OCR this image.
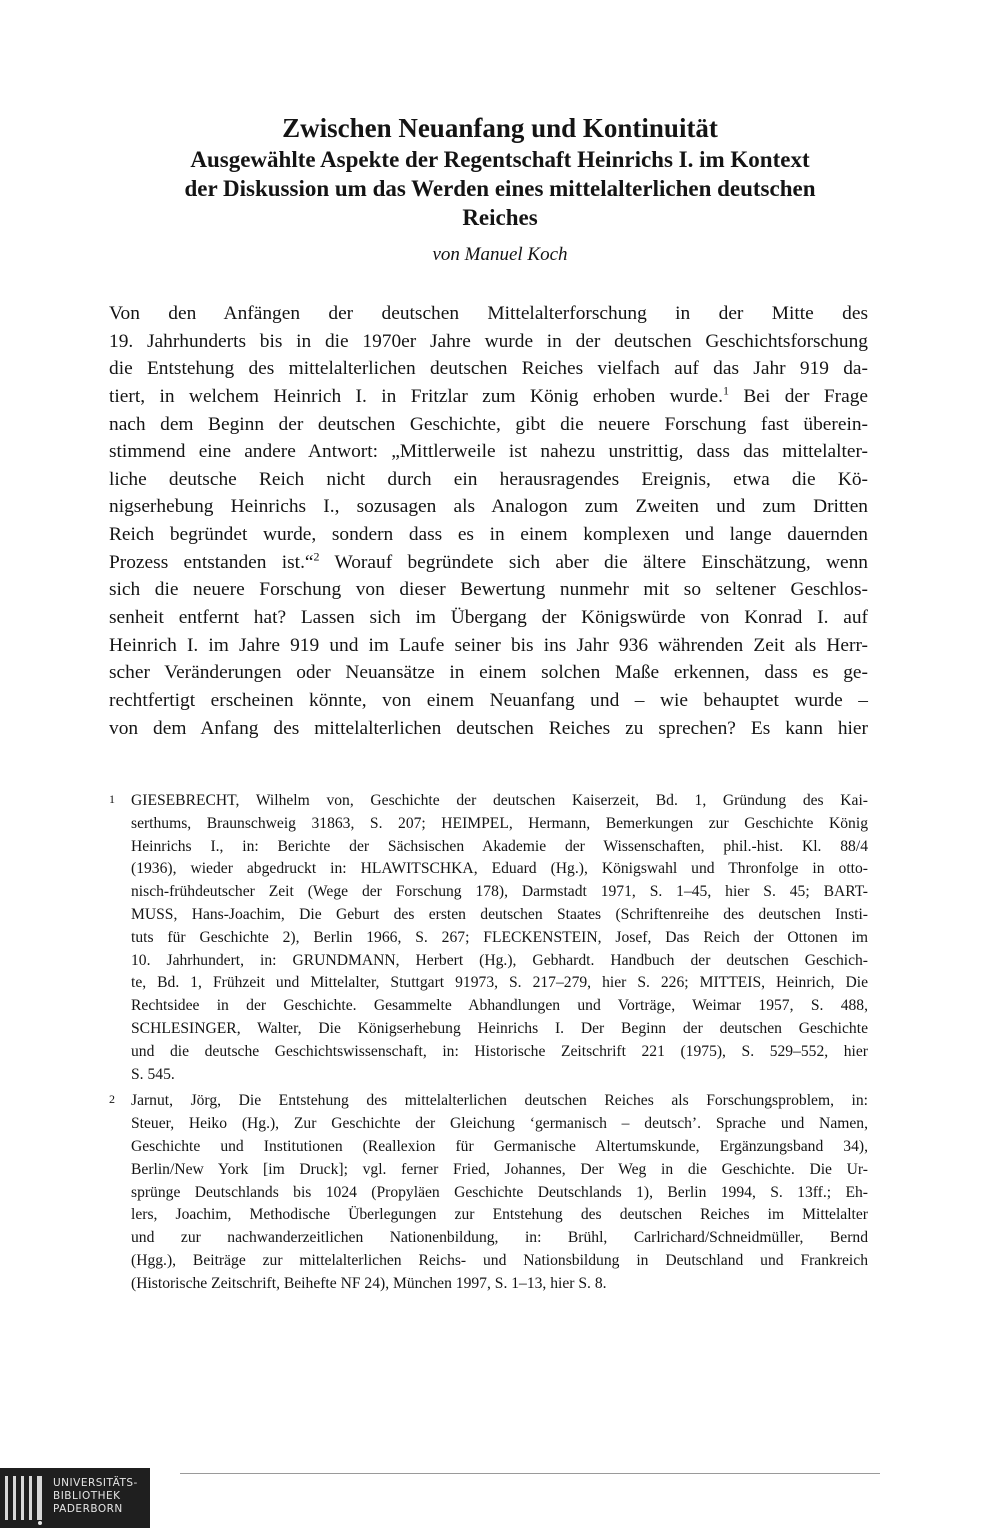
Zwischen Neuanfang und Kontinuität
Ausgewählte Aspekte der Regentschaft Heinrichs I. im Kontext
der Diskussion um das Werden eines mittelalterlichen deutschen
Reiches
von Manuel Koch
Von den Anfängen der deutschen Mittelalterforschung in der Mitte des
19. Jahrhunderts bis in die 1970er Jahre wurde in der deutschen Geschichtsforschung
die Entstehung des mittelalterlichen deutschen Reiches vielfach auf das Jahr 919 da-
tiert, in welchem Heinrich I. in Fritzlar zum König erhoben wurde.$^1$ Bei der Frage
nach dem Beginn der deutschen Geschichte, gibt die neuere Forschung fast überein-
stimmend eine andere Antwort: „Mittlerweile ist nahezu unstrittig, dass das mittelalter-
liche deutsche Reich nicht durch ein herausragendes Ereignis, etwa die Kö-
nigserhebung Heinrichs I., sozusagen als Analogon zum Zweiten und zum Dritten
Reich begründet wurde, sondern dass es in einem komplexen und lange dauernden
Prozess entstanden ist.“$^2$ Worauf begründete sich aber die ältere Einschätzung, wenn
sich die neuere Forschung von dieser Bewertung nunmehr mit so seltener Geschlos-
senheit entfernt hat? Lassen sich im Übergang der Königswürde von Konrad I. auf
Heinrich I. im Jahre 919 und im Laufe seiner bis ins Jahr 936 währenden Zeit als Herr-
scher Veränderungen oder Neuansätze in einem solchen Maße erkennen, dass es ge-
rechtfertigt erscheinen könnte, von einem Neuanfang und – wie behauptet wurde –
von dem Anfang des mittelalterlichen deutschen Reiches zu sprechen? Es kann hier
1 GIESEBRECHT, Wilhelm von, Geschichte der deutschen Kaiserzeit, Bd. 1, Gründung des Kai-
serthums, Braunschweig 31863, S. 207; HEIMPEL, Hermann, Bemerkungen zur Geschichte König
Heinrichs I., in: Berichte der Sächsischen Akademie der Wissenschaften, phil.-hist. Kl. 88/4
(1936), wieder abgedruckt in: HLAWITSCHKA, Eduard (Hg.), Königswahl und Thronfolge in otto-
nisch-frühdeutscher Zeit (Wege der Forschung 178), Darmstadt 1971, S. 1–45, hier S. 45; BART-
MUSS, Hans-Joachim, Die Geburt des ersten deutschen Staates (Schriftenreihe des deutschen Insti-
tuts für Geschichte 2), Berlin 1966, S. 267; FLECKENSTEIN, Josef, Das Reich der Ottonen im
10. Jahrhundert, in: GRUNDMANN, Herbert (Hg.), Gebhardt. Handbuch der deutschen Geschich-
te, Bd. 1, Frühzeit und Mittelalter, Stuttgart 91973, S. 217–279, hier S. 226; MITTEIS, Heinrich, Die
Rechtsidee in der Geschichte. Gesammelte Abhandlungen und Vorträge, Weimar 1957, S. 488,
SCHLESINGER, Walter, Die Königserhebung Heinrichs I. Der Beginn der deutschen Geschichte
und die deutsche Geschichtswissenschaft, in: Historische Zeitschrift 221 (1975), S. 529–552, hier
S. 545.
2 Jarnut, Jörg, Die Entstehung des mittelalterlichen deutschen Reiches als Forschungsproblem, in:
Steuer, Heiko (Hg.), Zur Geschichte der Gleichung ‘germanisch – deutsch’. Sprache und Namen,
Geschichte und Institutionen (Reallexion für Germanische Altertumskunde, Ergänzungsband 34),
Berlin/New York [im Druck]; vgl. ferner Fried, Johannes, Der Weg in die Geschichte. Die Ur-
sprünge Deutschlands bis 1024 (Propyläen Geschichte Deutschlands 1), Berlin 1994, S. 13ff.; Eh-
lers, Joachim, Methodische Überlegungen zur Entstehung des deutschen Reiches im Mittelalter
und zur nachwanderzeitlichen Nationenbildung, in: Brühl, Carlrichard/Schneidmüller, Bernd
(Hgg.), Beiträge zur mittelalterlichen Reichs- und Nationsbildung in Deutschland und Frankreich
(Historische Zeitschrift, Beihefte NF 24), München 1997, S. 1–13, hier S. 8.
UNIVERSITÄTS-
BIBLIOTHEK
PADERBORN
